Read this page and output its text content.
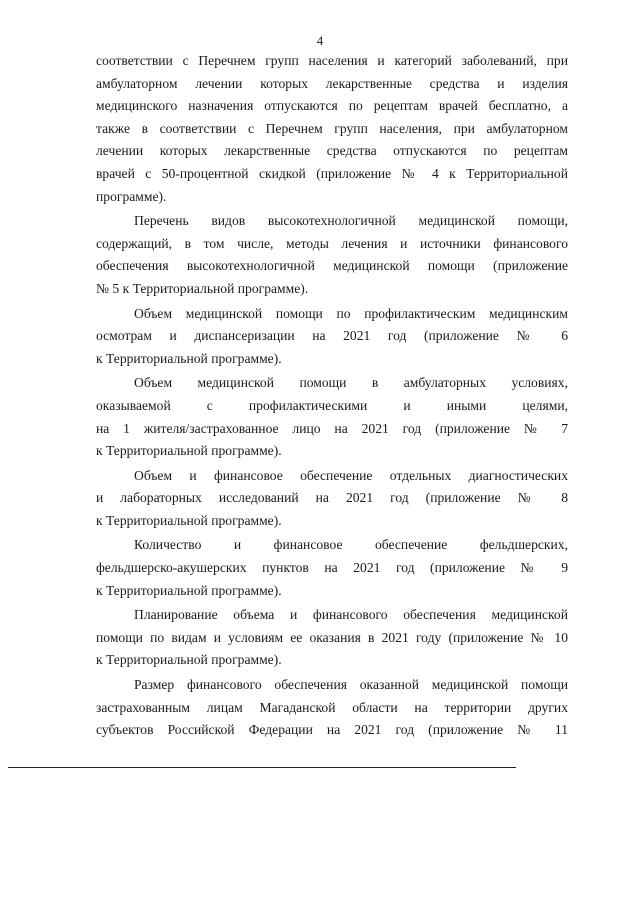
4
соответствии с Перечнем групп населения и категорий заболеваний, при
амбулаторном лечении которых лекарственные средства и изделия
медицинского назначения отпускаются по рецептам врачей бесплатно, а
также в соответствии с Перечнем групп населения, при амбулаторном
лечении которых лекарственные средства отпускаются по рецептам
врачей с 50-процентной скидкой (приложение № 4 к Территориальной
программе).
Перечень видов высокотехнологичной медицинской помощи,
содержащий, в том числе, методы лечения и источники финансового
обеспечения высокотехнологичной медицинской помощи (приложение
№ 5 к Территориальной программе).
Объем медицинской помощи по профилактическим медицинским
осмотрам и диспансеризации на 2021 год (приложение № 6
к Территориальной программе).
Объем медицинской помощи в амбулаторных условиях,
оказываемой с профилактическими и иными целями,
на 1 жителя/застрахованное лицо на 2021 год (приложение № 7
к Территориальной программе).
Объем и финансовое обеспечение отдельных диагностических
и лабораторных исследований на 2021 год (приложение № 8
к Территориальной программе).
Количество и финансовое обеспечение фельдшерских,
фельдшерско-акушерских пунктов на 2021 год (приложение № 9
к Территориальной программе).
Планирование объема и финансового обеспечения медицинской
помощи по видам и условиям ее оказания в 2021 году (приложение № 10
к Территориальной программе).
Размер финансового обеспечения оказанной медицинской помощи
застрахованным лицам Магаданской области на территории других
субъектов Российской Федерации на 2021 год (приложение № 11
